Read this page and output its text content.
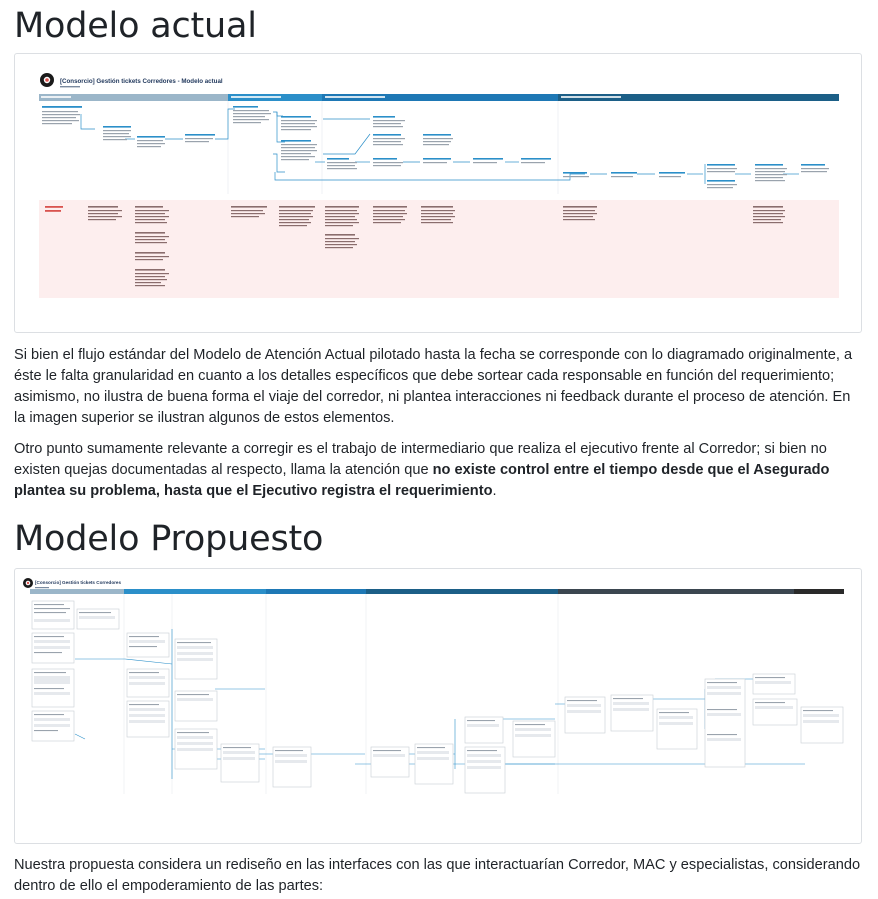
Modelo actual
[Consorcio] Gestión tickets Corredores - Modelo actual

Si bien el flujo estándar del Modelo de Atención Actual pilotado hasta la fecha se corresponde con lo diagramado originalmente, a éste le falta granularidad en cuanto a los detalles específicos que debe sortear cada responsable en función del requerimiento; asimismo, no ilustra de buena forma el viaje del corredor, ni plantea interacciones ni feedback durante el proceso de atención. En la imagen superior se ilustran algunos de estos elementos.

Otro punto sumamente relevante a corregir es el trabajo de intermediario que realiza el ejecutivo frente al Corredor; si bien no existen quejas documentadas al respecto, llama la atención que no existe control entre el tiempo desde que el Asegurado plantea su problema, hasta que el Ejecutivo registra el requerimiento.

Modelo Propuesto
[Consorcio] Gestión tickets Corredores

Nuestra propuesta considera un rediseño en las interfaces con las que interactuarían Corredor, MAC y especialistas, considerando dentro de ello el empoderamiento de las partes:
